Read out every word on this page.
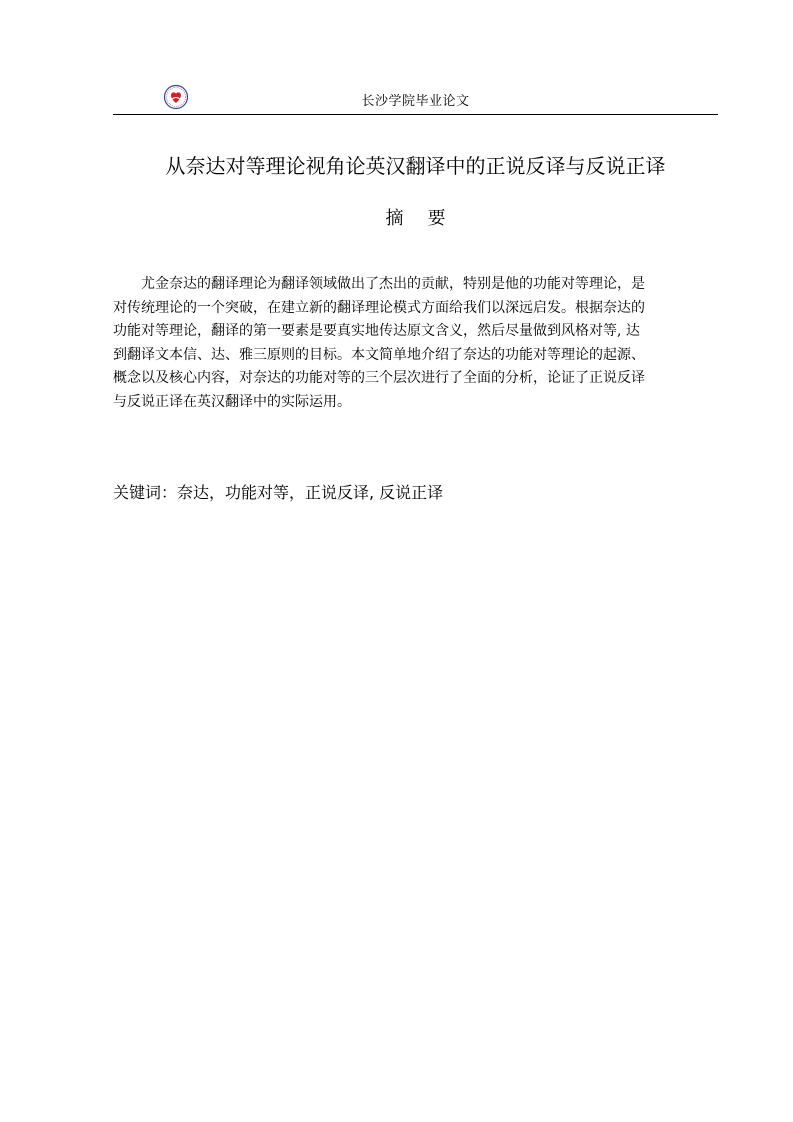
长沙学院毕业论文
从奈达对等理论视角论英汉翻译中的正说反译与反说正译
摘要
尤金奈达的翻译理论为翻译领域做出了杰出的贡献，特别是他的功能对等理论，是
对传统理论的一个突破，在建立新的翻译理论模式方面给我们以深远启发。根据奈达的
功能对等理论，翻译的第一要素是要真实地传达原文含义，然后尽量做到风格对等, 达
到翻译文本信、达、雅三原则的目标。本文简单地介绍了奈达的功能对等理论的起源、
概念以及核心内容，对奈达的功能对等的三个层次进行了全面的分析，论证了正说反译
与反说正译在英汉翻译中的实际运用。
关键词：奈达，功能对等，正说反译, 反说正译
